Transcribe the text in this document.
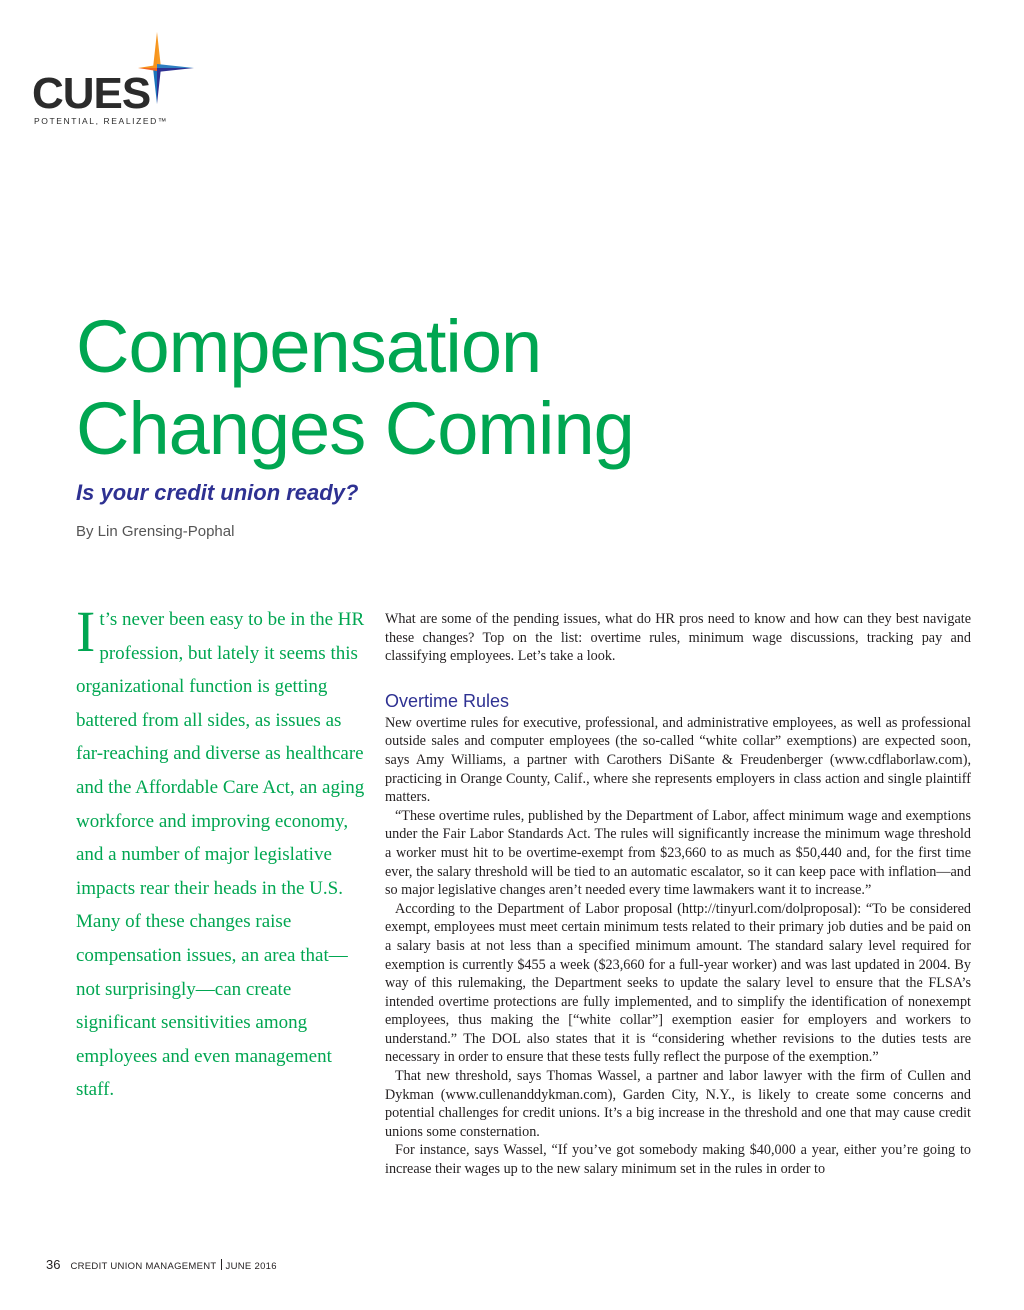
CUES
POTENTIAL, REALIZED™
Compensation
Changes Coming
Is your credit union ready?
By Lin Grensing-Pophal
It’s never been easy to be in the HR profession, but lately it seems this organizational function is getting battered from all sides, as issues as far-reaching and diverse as healthcare and the Affordable Care Act, an aging workforce and improving economy, and a number of major legislative impacts rear their heads in the U.S. Many of these changes raise compensation issues, an area that—not surprisingly—can create significant sensitivities among employees and even management staff.

What are some of the pending issues, what do HR pros need to know and how can they best navigate these changes? Top on the list: overtime rules, minimum wage discussions, tracking pay and classifying employees. Let’s take a look.

Overtime Rules

New overtime rules for executive, professional, and administrative employees, as well as professional outside sales and computer employees (the so-called “white collar” exemptions) are expected soon, says Amy Williams, a partner with Carothers DiSante & Freudenberger (www.cdflaborlaw.com), practicing in Orange County, Calif., where she represents employers in class action and single plaintiff matters.

“These overtime rules, published by the Department of Labor, affect minimum wage and exemptions under the Fair Labor Standards Act. The rules will significantly increase the minimum wage threshold a worker must hit to be overtime-exempt from $23,660 to as much as $50,440 and, for the first time ever, the salary threshold will be tied to an automatic escalator, so it can keep pace with inflation—and so major legislative changes aren’t needed every time lawmakers want it to increase.”

According to the Department of Labor proposal (http://tinyurl.com/dolproposal): “To be considered exempt, employees must meet certain minimum tests related to their primary job duties and be paid on a salary basis at not less than a specified minimum amount. The standard salary level required for exemption is currently $455 a week ($23,660 for a full-year worker) and was last updated in 2004. By way of this rulemaking, the Department seeks to update the salary level to ensure that the FLSA’s intended overtime protections are fully implemented, and to simplify the identification of nonexempt employees, thus making the [“white collar”] exemption easier for employers and workers to understand.” The DOL also states that it is “considering whether revisions to the duties tests are necessary in order to ensure that these tests fully reflect the purpose of the exemption.”

That new threshold, says Thomas Wassel, a partner and labor lawyer with the firm of Cullen and Dykman (www.cullenanddykman.com), Garden City, N.Y., is likely to create some concerns and potential challenges for credit unions. It’s a big increase in the threshold and one that may cause credit unions some consternation.

For instance, says Wassel, “If you’ve got somebody making $40,000 a year, either you’re going to increase their wages up to the new salary minimum set in the rules in order to

36 CREDIT UNION MANAGEMENT JUNE 2016
